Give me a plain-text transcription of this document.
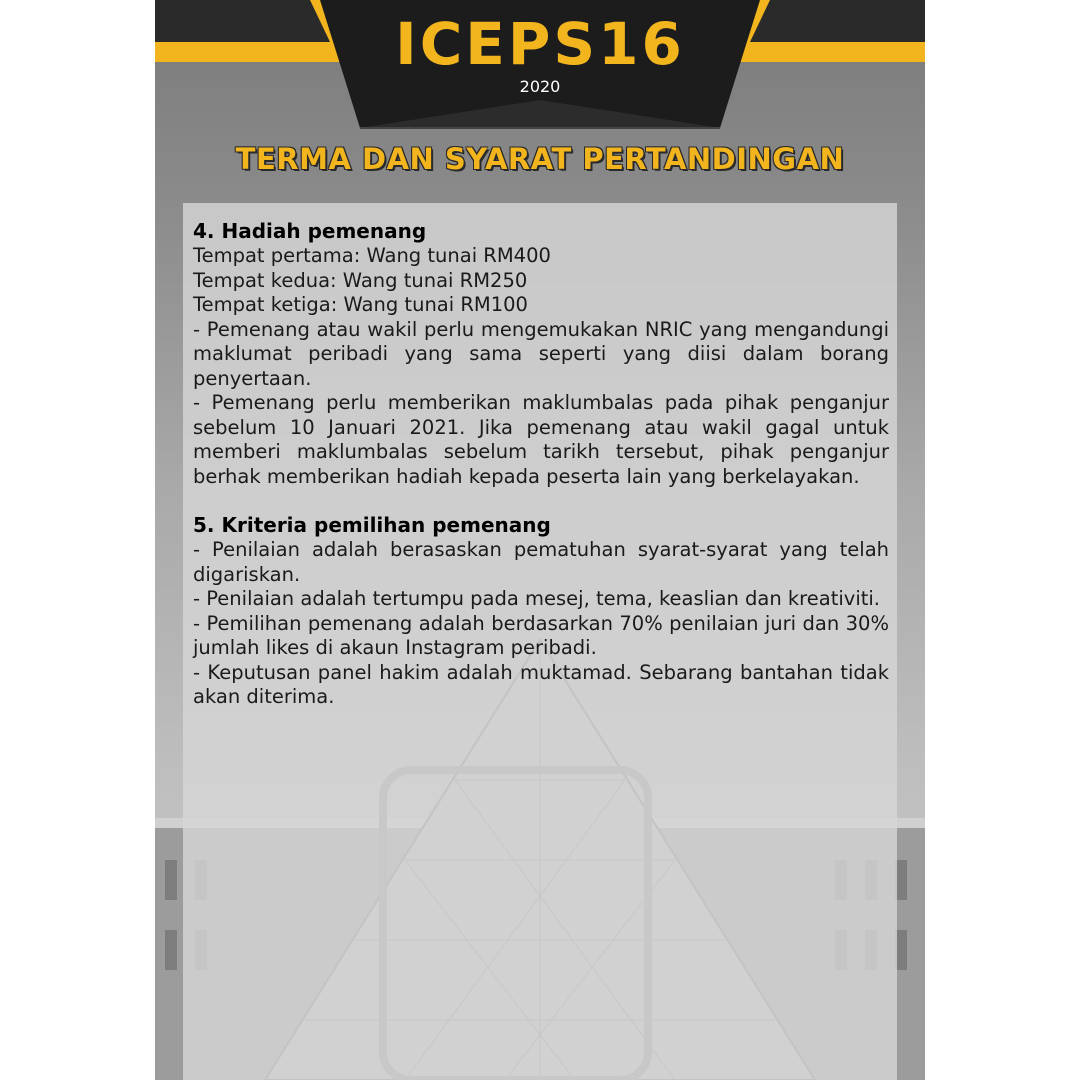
ICEPS16
2020
TERMA DAN SYARAT PERTANDINGAN
4. Hadiah pemenang

Tempat pertama: Wang tunai RM400

Tempat kedua: Wang tunai RM250

Tempat ketiga: Wang tunai RM100

- Pemenang atau wakil perlu mengemukakan NRIC yang mengandungi maklumat peribadi yang sama seperti yang diisi dalam borang penyertaan.

- Pemenang perlu memberikan maklumbalas pada pihak penganjur sebelum 10 Januari 2021. Jika pemenang atau wakil gagal untuk memberi maklumbalas sebelum tarikh tersebut, pihak penganjur berhak memberikan hadiah kepada peserta lain yang berkelayakan.

5. Kriteria pemilihan pemenang

- Penilaian adalah berasaskan pematuhan syarat-syarat yang telah digariskan.

- Penilaian adalah tertumpu pada mesej, tema, keaslian dan kreativiti.

- Pemilihan pemenang adalah berdasarkan 70% penilaian juri dan 30% jumlah likes di akaun Instagram peribadi.

- Keputusan panel hakim adalah muktamad. Sebarang bantahan tidak akan diterima.
